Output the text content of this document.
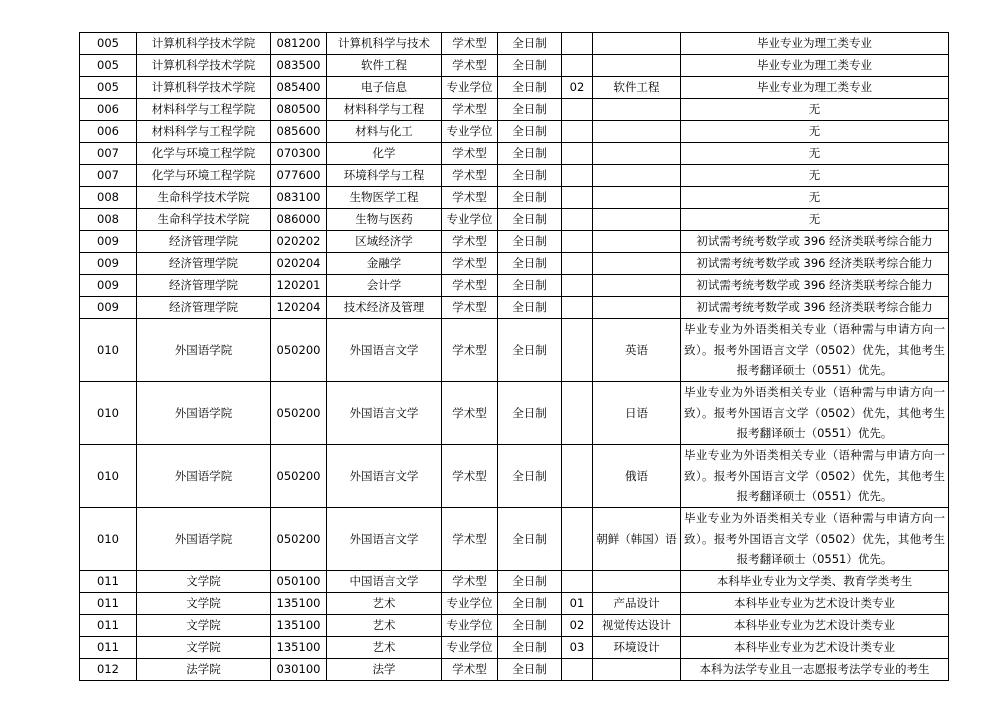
005	计算机科学技术学院	081200	计算机科学与技术	学术型	全日制			毕业专业为理工类专业
005	计算机科学技术学院	083500	软件工程	学术型	全日制			毕业专业为理工类专业
005	计算机科学技术学院	085400	电子信息	专业学位	全日制	02	软件工程	毕业专业为理工类专业
006	材料科学与工程学院	080500	材料科学与工程	学术型	全日制			无
006	材料科学与工程学院	085600	材料与化工	专业学位	全日制			无
007	化学与环境工程学院	070300	化学	学术型	全日制			无
007	化学与环境工程学院	077600	环境科学与工程	学术型	全日制			无
008	生命科学技术学院	083100	生物医学工程	学术型	全日制			无
008	生命科学技术学院	086000	生物与医药	专业学位	全日制			无
009	经济管理学院	020202	区域经济学	学术型	全日制			初试需考统考数学或 396 经济类联考综合能力
009	经济管理学院	020204	金融学	学术型	全日制			初试需考统考数学或 396 经济类联考综合能力
009	经济管理学院	120201	会计学	学术型	全日制			初试需考统考数学或 396 经济类联考综合能力
009	经济管理学院	120204	技术经济及管理	学术型	全日制			初试需考统考数学或 396 经济类联考综合能力
010	外国语学院	050200	外国语言文学	学术型	全日制		英语	毕业专业为外语类相关专业（语种需与申请方向一致）。报考外国语言文学（0502）优先，其他考生报考翻译硕士（0551）优先。
010	外国语学院	050200	外国语言文学	学术型	全日制		日语	毕业专业为外语类相关专业（语种需与申请方向一致）。报考外国语言文学（0502）优先，其他考生报考翻译硕士（0551）优先。
010	外国语学院	050200	外国语言文学	学术型	全日制		俄语	毕业专业为外语类相关专业（语种需与申请方向一致）。报考外国语言文学（0502）优先，其他考生报考翻译硕士（0551）优先。
010	外国语学院	050200	外国语言文学	学术型	全日制		朝鲜（韩国）语	毕业专业为外语类相关专业（语种需与申请方向一致）。报考外国语言文学（0502）优先，其他考生报考翻译硕士（0551）优先。
011	文学院	050100	中国语言文学	学术型	全日制			本科毕业专业为文学类、教育学类考生
011	文学院	135100	艺术	专业学位	全日制	01	产品设计	本科毕业专业为艺术设计类专业
011	文学院	135100	艺术	专业学位	全日制	02	视觉传达设计	本科毕业专业为艺术设计类专业
011	文学院	135100	艺术	专业学位	全日制	03	环境设计	本科毕业专业为艺术设计类专业
012	法学院	030100	法学	学术型	全日制			本科为法学专业且一志愿报考法学专业的考生
